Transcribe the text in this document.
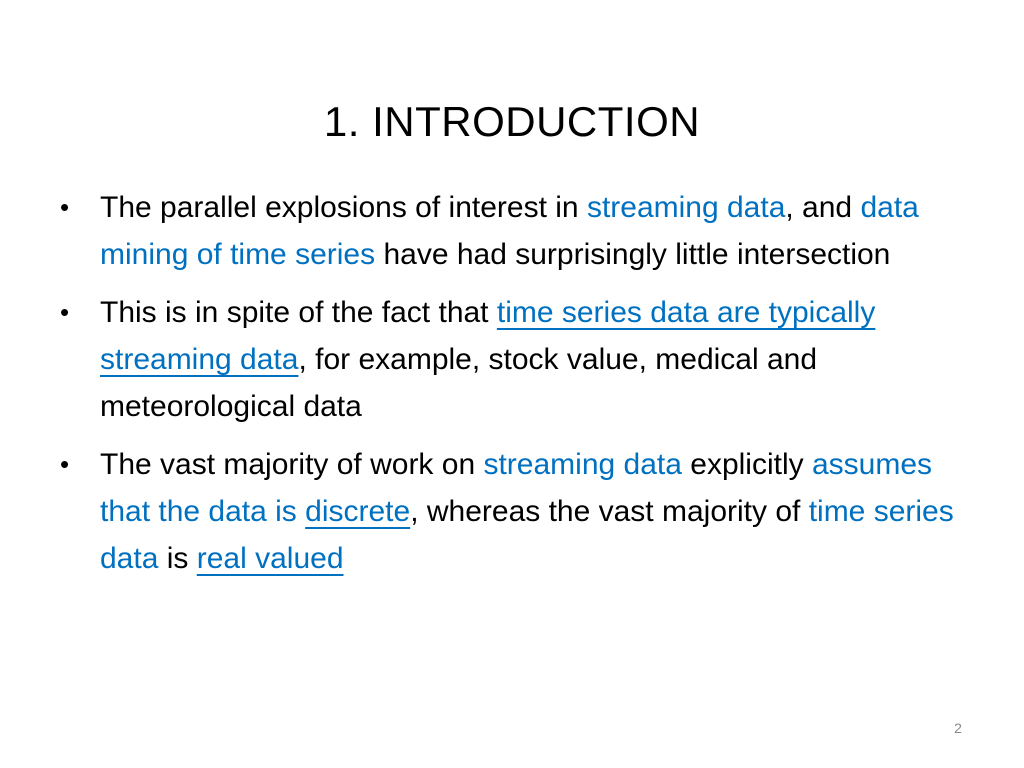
1. INTRODUCTION
• The parallel explosions of interest in streaming data, and data mining of time series have had surprisingly little intersection
• This is in spite of the fact that time series data are typically streaming data, for example, stock value, medical and meteorological data
• The vast majority of work on streaming data explicitly assumes that the data is discrete, whereas the vast majority of time series data is real valued
2
